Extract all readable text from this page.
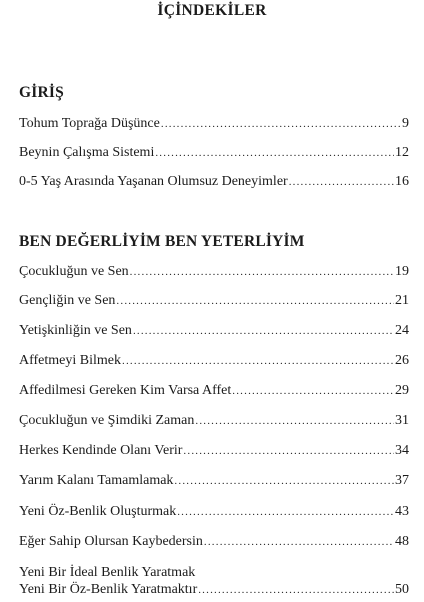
İÇİNDEKİLER
GİRİŞ
Tohum Toprağa Düşünce .....	9
Beynin Çalışma Sistemi .....	12
0-5 Yaş Arasında Yaşanan Olumsuz Deneyimler .....	16
BEN DEĞERLİYİM BEN YETERLİYİM
Çocukluğun ve Sen .....	19
Gençliğin ve Sen .....	21
Yetişkinliğin ve Sen .....	24
Affetmeyi Bilmek .....	26
Affedilmesi Gereken Kim Varsa Affet .....	29
Çocukluğun ve Şimdiki Zaman .....	31
Herkes Kendinde Olanı Verir .....	34
Yarım Kalanı Tamamlamak .....	37
Yeni Öz-Benlik Oluşturmak .....	43
Eğer Sahip Olursan Kaybedersin .....	48
Yeni Bir İdeal Benlik Yaratmak
Yeni Bir Öz-Benlik Yaratmaktır .....	50
